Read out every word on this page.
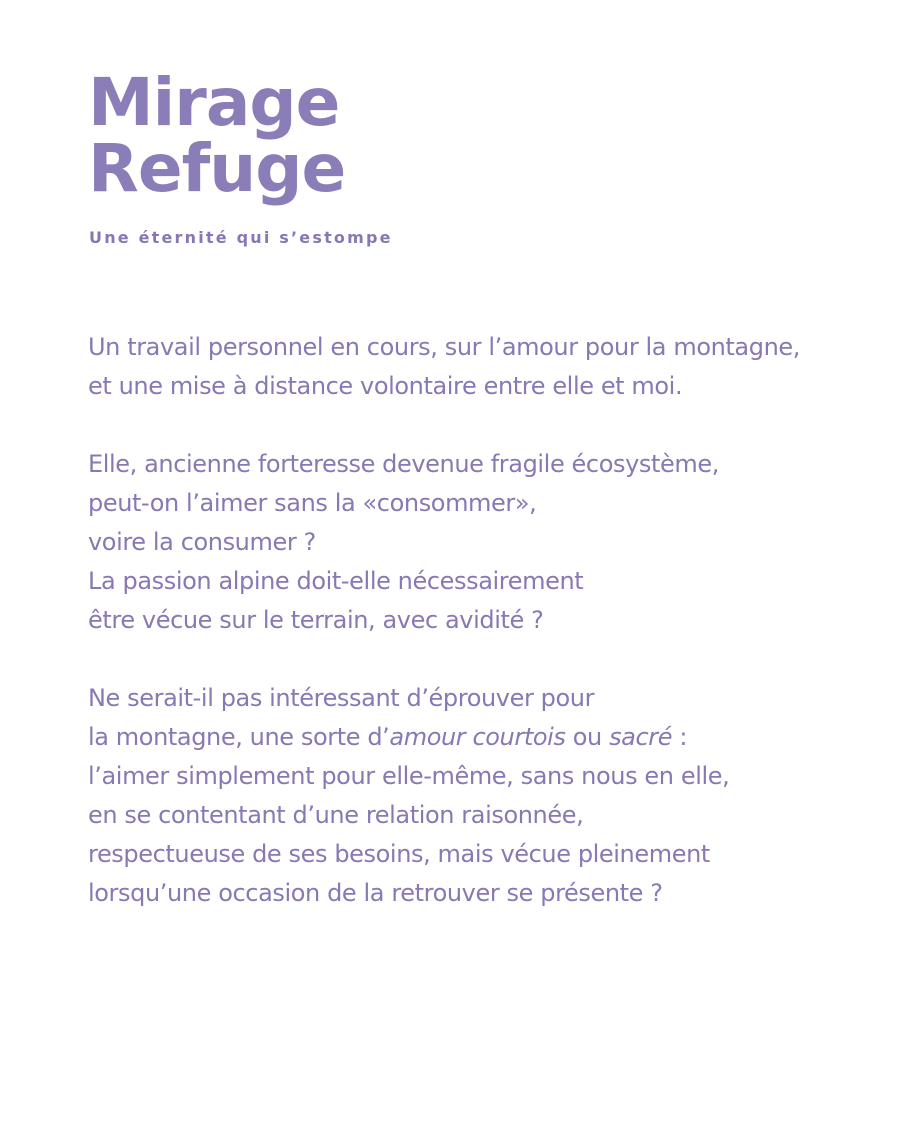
Mirage
Refuge
Une éternité qui s’estompe

Un travail personnel en cours, sur l’amour pour la montagne,
et une mise à distance volontaire entre elle et moi.

Elle, ancienne forteresse devenue fragile écosystème,
peut-on l’aimer sans la «consommer»,
voire la consumer ?
La passion alpine doit-elle nécessairement
être vécue sur le terrain, avec avidité ?

Ne serait-il pas intéressant d’éprouver pour
la montagne, une sorte d’amour courtois ou sacré :
l’aimer simplement pour elle-même, sans nous en elle,
en se contentant d’une relation raisonnée,
respectueuse de ses besoins, mais vécue pleinement
lorsqu’une occasion de la retrouver se présente ?
